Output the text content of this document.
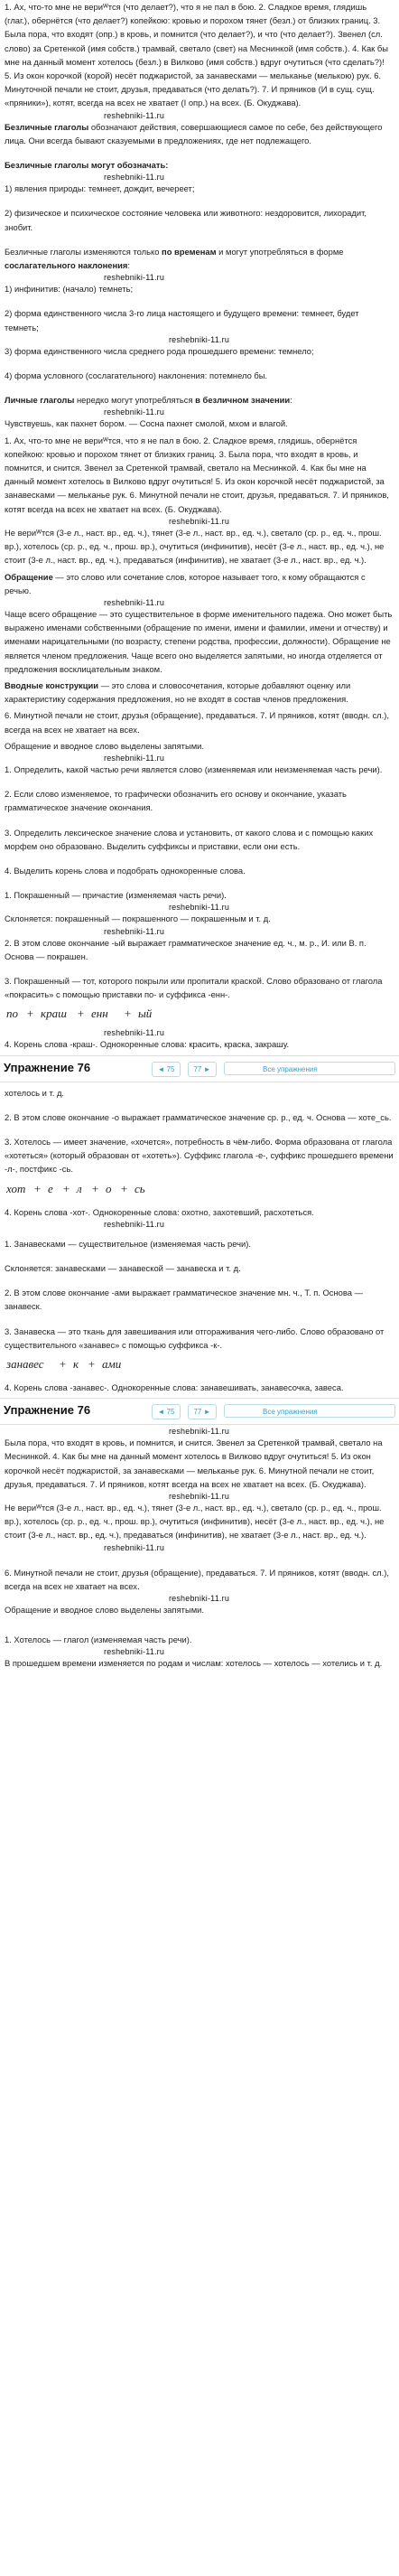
1. Ах, что-то мне не вериᵂтся (что делает?), что я не пал в бою. 2. Сладкое время, глядишь (глаг.), обернётся (что делает?) копейкою: кровью и порохом тянет (безл.) от близких границ. 3. Была пора, что входят (опр.) в кровь, и помнится (что делает?), и что (что делает?). Звенел (сл. слово) за Сретенкой (имя собств.) трамвай, светало (свет) на Меснинкой (имя собств.). 4. Как бы мне на данный момент хотелось (безл.) в Вилково (имя собств.) вдруг очутиться (что сделать?)! 5. Из окон корочкой (корой) несёт поджаристой, за занавесками — мельканье (мелькою) рук. 6. Минуточной печали не стоит, друзья, предаваться (что делать?). 7. И пряников (И в сущ. сущ. «пряники»), котят, всегда на всех не хватает (I опр.) на всех. (Б. Окуджава).

reshebniki-11.ru

Безличные глаголы обозначают действия, совершающиеся самое по себе, без действующего лица. Они всегда бывают сказуемыми в предложениях, где нет подлежащего.

Безличные глаголы могут обозначать:

reshebniki-11.ru

1) явления природы: темнеет, дождит, вечереет;

2) физическое и психическое состояние человека или животного: нездоровится, лихорадит, знобит.

Безличные глаголы изменяются только по временам и могут употребляться в форме сослагательного наклонения:

reshebniki-11.ru

1) инфинитив: (начало) темнеть;

2) форма единственного числа 3-го лица настоящего и будущего времени: темнеет, будет темнеть;

reshebniki-11.ru

3) форма единственного числа среднего рода прошедшего времени: темнело;

4) форма условного (сослагательного) наклонения: потемнело бы.

Личные глаголы нередко могут употребляться в безличном значении:

reshebniki-11.ru

Чувствуешь, как пахнет бором. — Сосна пахнет смолой, мхом и влагой.

1. Ах, что-то мне не вериᵂтся, что я не пал в бою. 2. Сладкое время, глядишь, обернётся копейкою: кровью и порохом тянет от близких границ. 3. Была пора, что входят в кровь, и помнится, и снится. Звенел за Сретенкой трамвай, светало на Меснинкой. 4. Как бы мне на данный момент хотелось в Вилково вдруг очутиться! 5. Из окон корочкой несёт поджаристой, за занавесками — мельканье рук. 6. Минутной печали не стоит, друзья, предаваться. 7. И пряников, котят всегда на всех не хватает на всех. (Б. Окуджава).

reshebniki-11.ru

Не вериᵂтся (3-е л., наст. вр., ед. ч.), тянет (3-е л., наст. вр., ед. ч.), светало (ср. р., ед. ч., прош. вр.), хотелось (ср. р., ед. ч., прош. вр.), очутиться (инфинитив), несёт (3-е л., наст. вр., ед. ч.), не стоит (3-е л., наст. вр., ед. ч.), предаваться (инфинитив), не хватает (3-е л., наст. вр., ед. ч.).

Обращение — это слово или сочетание слов, которое называет того, к кому обращаются с речью.

reshebniki-11.ru

Чаще всего обращение — это существительное в форме именительного падежа. Оно может быть выражено именами собственными (обращение по имени, имени и фамилии, имени и отчеству) и именами нарицательными (по возрасту, степени родства, профессии, должности). Обращение не является членом предложения. Чаще всего оно выделяется запятыми, но иногда отделяется от предложения восклицательным знаком.

Вводные конструкции — это слова и словосочетания, которые добавляют оценку или характеристику содержания предложения, но не входят в состав членов предложения.

6. Минутной печали не стоит, друзья (обращение), предаваться. 7. И пряников, котят (вводн. сл.), всегда на всех не хватает на всех.

Обращение и вводное слово выделены запятыми.

reshebniki-11.ru

1. Определить, какой частью речи является слово (изменяемая или неизменяемая часть речи).

2. Если слово изменяемое, то графически обозначить его основу и окончание, указать грамматическое значение окончания.

3. Определить лексическое значение слова и установить, от какого слова и с помощью каких морфем оно образовано. Выделить суффиксы и приставки, если они есть.

4. Выделить корень слова и подобрать однокоренные слова.

1. Покрашенный — причастие (изменяемая часть речи).

reshebniki-11.ru

Склоняется: покрашенный — покрашенного — покрашенным и т. д.

reshebniki-11.ru

2. В этом слове окончание -ый выражает грамматическое значение ед. ч., м. р., И. или В. п. Основа — покрашен.

3. Покрашенный — тот, которого покрыли или пропитали краской. Слово образовано от глагола «покрасить» с помощью приставки по- и суффикса -енн-.

по + краш + енн + ый
reshebniki-11.ru

4. Корень слова -краш-. Однокоренные слова: красить, краска, закрашу.

Упражнение 76	◄ 75	77 ►	Все упражнения

хотелось и т. д.

2. В этом слове окончание -о выражает грамматическое значение ср. р., ед. ч. Основа — хоте_сь.

3. Хотелось — имеет значение, «хочется», потребность в чём-либо. Форма образована от глагола «хотеться» (который образован от «хотеть»). Суффикс глагола -е-, суффикс прошедшего времени -л-, постфикс -сь.

хот + е + л + о + сь

4. Корень слова -хот-. Однокоренные слова: охотно, захотевший, расхотеться.

reshebniki-11.ru

1. Занавесками — существительное (изменяемая часть речи).

Склоняется: занавесками — занавеской — занавеска и т. д.

2. В этом слове окончание -ами выражает грамматическое значение мн. ч., Т. п. Основа — занавеск.

3. Занавеска — это ткань для завешивания или отгораживания чего-либо. Слово образовано от существительного «занавес» с помощью суффикса -к-.

занавес + к + ами

4. Корень слова -занавес-. Однокоренные слова: занавешивать, занавесочка, завеса.

Упражнение 76	◄ 75	77 ►	Все упражнения
reshebniki-11.ru

Была пора, что входят в кровь, и помнится, и снится. Звенел за Сретенкой трамвай, светало на Меснинкой. 4. Как бы мне на данный момент хотелось в Вилково вдруг очутиться! 5. Из окон корочкой несёт поджаристой, за занавесками — мельканье рук. 6. Минутной печали не стоит, друзья, предаваться. 7. И пряников, котят всегда на всех не хватает на всех. (Б. Окуджава).

reshebniki-11.ru

Не вериᵂтся (3-е л., наст. вр., ед. ч.), тянет (3-е л., наст. вр., ед. ч.), светало (ср. р., ед. ч., прош. вр.), хотелось (ср. р., ед. ч., прош. вр.), очутиться (инфинитив), несёт (3-е л., наст. вр., ед. ч.), не стоит (3-е л., наст. вр., ед. ч.), предаваться (инфинитив), не хватает (3-е л., наст. вр., ед. ч.).

reshebniki-11.ru

6. Минутной печали не стоит, друзья (обращение), предаваться. 7. И пряников, котят (вводн. сл.), всегда на всех не хватает на всех.

reshebniki-11.ru

Обращение и вводное слово выделены запятыми.

1. Хотелось — глагол (изменяемая часть речи).

reshebniki-11.ru

В прошедшем времени изменяется по родам и числам: хотелось — хотелось — хотелись и т. д.
